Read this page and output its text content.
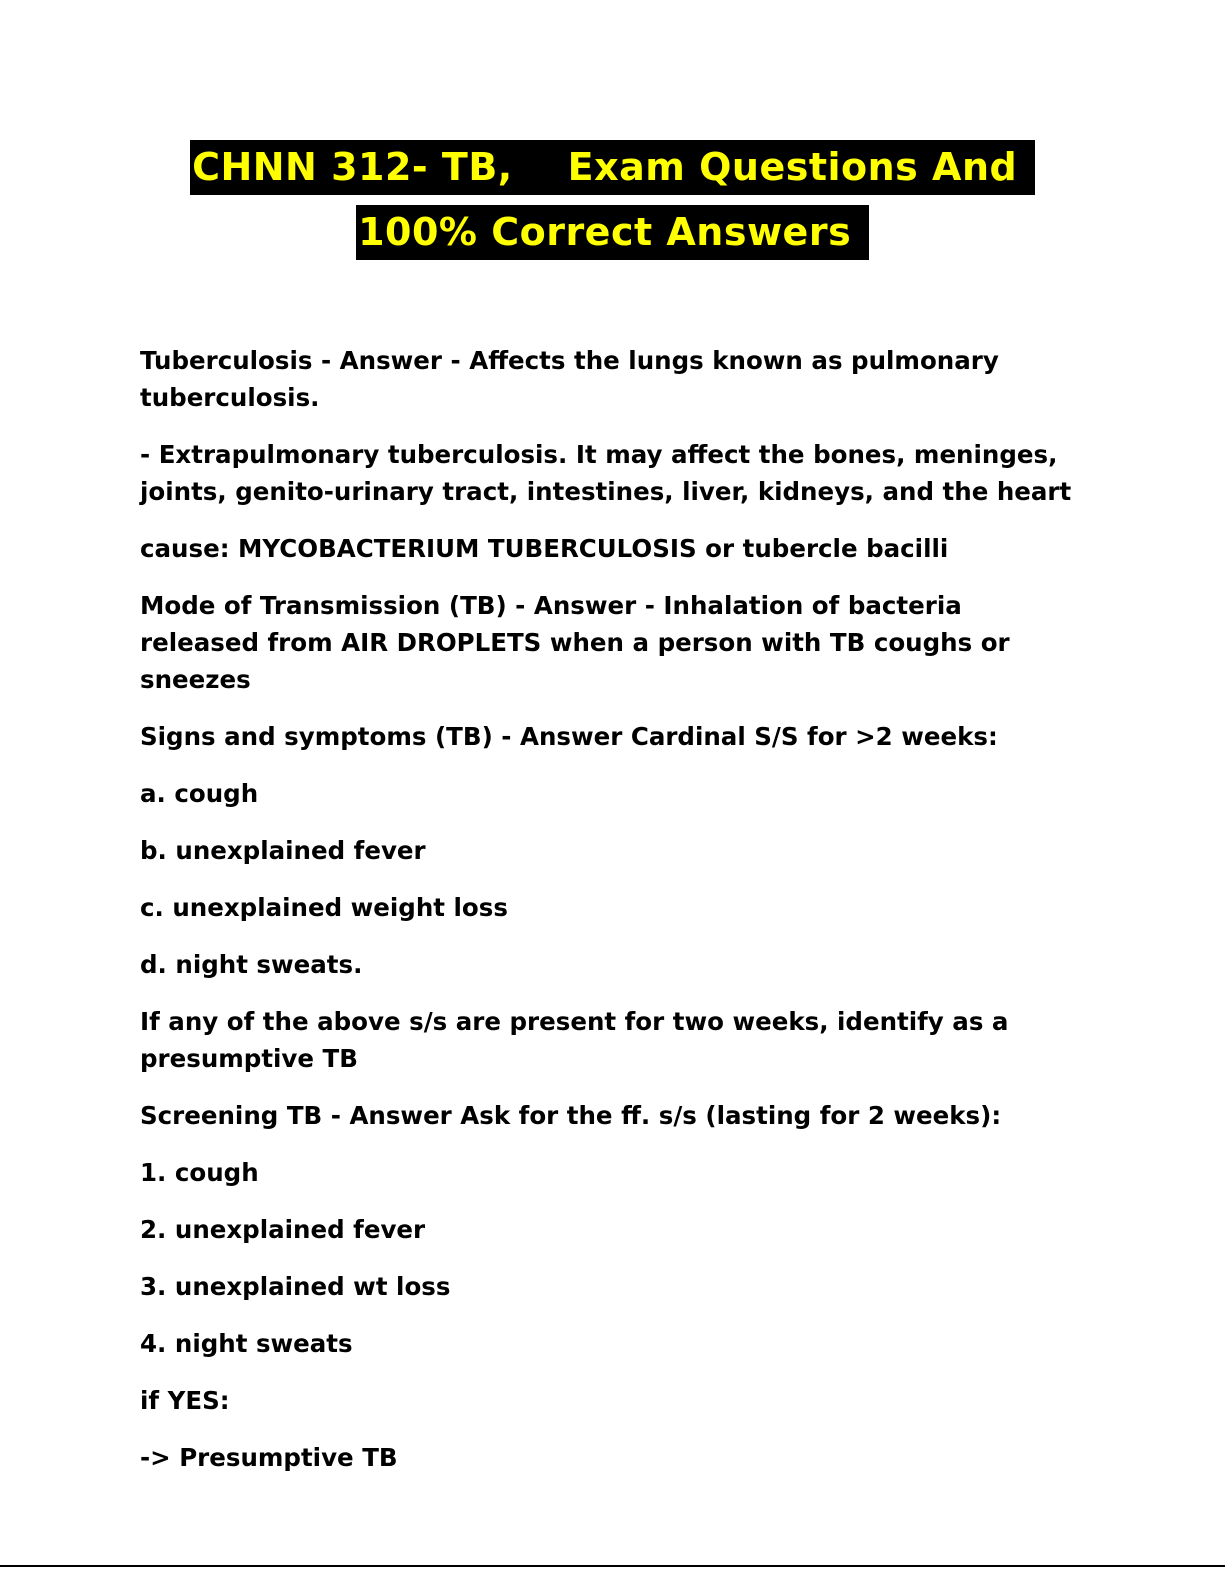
CHNN 312- TB,    Exam Questions And
100% Correct Answers

Tuberculosis - Answer - Affects the lungs known as pulmonary tuberculosis.

- Extrapulmonary tuberculosis. It may affect the bones, meninges, joints, genito-urinary tract, intestines, liver, kidneys, and the heart

cause: MYCOBACTERIUM TUBERCULOSIS or tubercle bacilli

Mode of Transmission (TB) - Answer - Inhalation of bacteria released from AIR DROPLETS when a person with TB coughs or sneezes

Signs and symptoms (TB) - Answer Cardinal S/S for >2 weeks:

a. cough

b. unexplained fever

c. unexplained weight loss

d. night sweats.

If any of the above s/s are present for two weeks, identify as a presumptive TB

Screening TB - Answer Ask for the ff. s/s (lasting for 2 weeks):

1. cough

2. unexplained fever

3. unexplained wt loss

4. night sweats

if YES:

-> Presumptive TB
